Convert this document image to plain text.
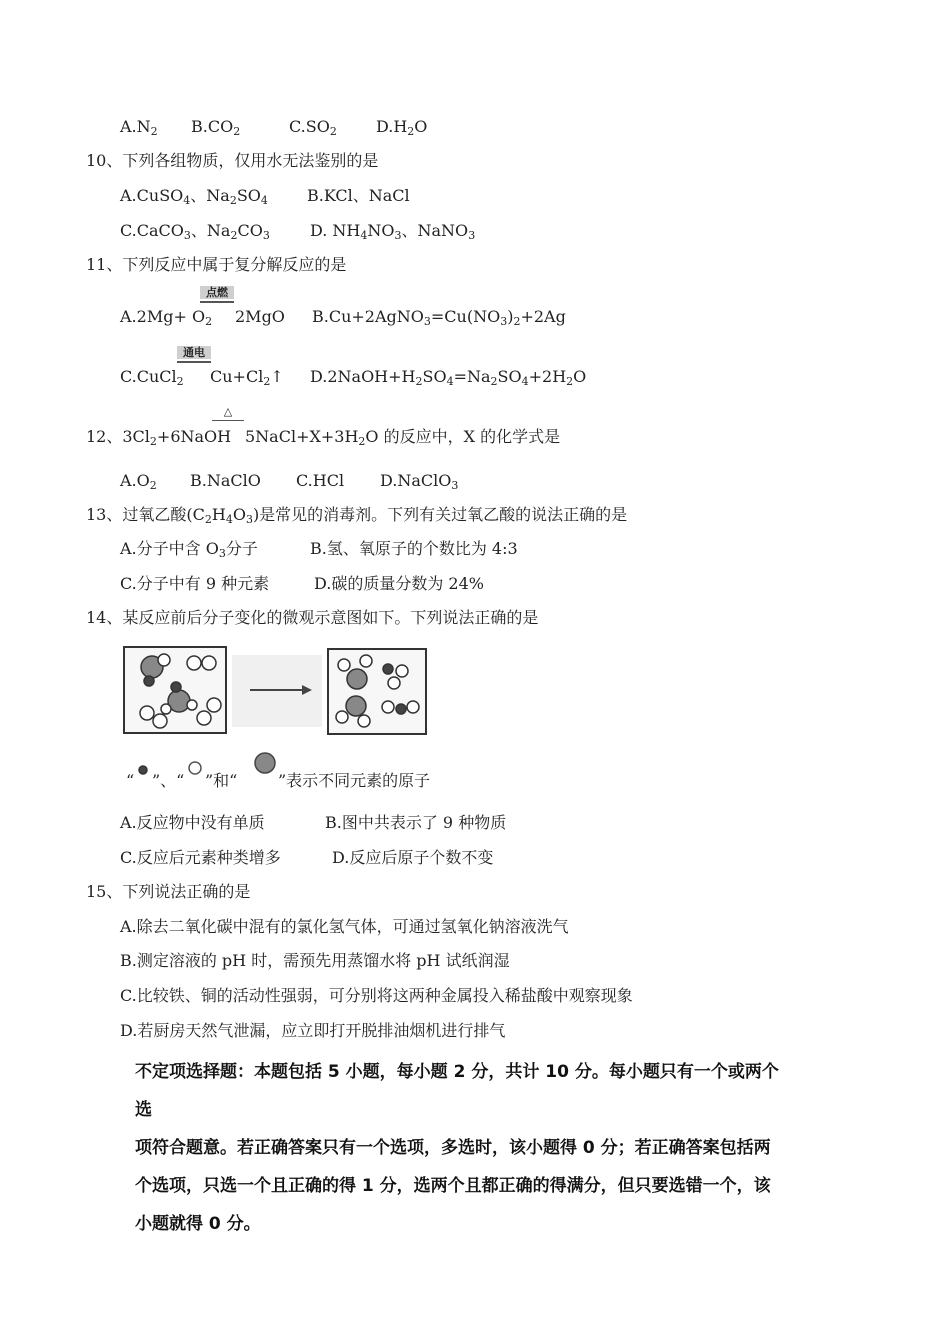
$A.N_2$ $B.CO_2$	$C.SO_2$ $D.H_2O$
10、下列各组物质，仅用水无法鉴别的是
A.CuSO$_4$、$Na_2SO_4$ B.KCl、NaCl
C.CaCO$_3$、$Na_2CO_3$	D. $NH_4NO_3$、NaNO$_3$
11、下列反应中属于复分解反应的是
$A.2Mg+ O_2$
点燃
2MgO $B.Cu+2AgNO_3=Cu(NO_3)_2+2Ag$
C.CuCl$_2$
通电
$Cu+Cl_2↑$ $D.2NaOH+H_2SO_4=Na_2SO_4+2H_2O$
12、$3Cl_2+6NaOH$
△
$5NaCl+X+3H_2O$ 的反应中，X 的化学式是
$A.O_2$ B.NaClO C.HCl D.NaClO$_3$
13、过氧乙酸$(C_2H_4O_3)$是常见的消毒剂。下列有关过氧乙酸的说法正确的是
A.分子中含 $O_3$分子	B.氢、氧原子的个数比为 4:3
C.分子中有 9 种元素	D.碳的质量分数为 24%
14、某反应前后分子变化的微观示意图如下。下列说法正确的是
“ ”、“ ”和“	”表示不同元素的原子
A.反应物中没有单质	B.图中共表示了 9 种物质
C.反应后元素种类增多	D.反应后原子个数不变
15、下列说法正确的是
A.除去二氧化碳中混有的氯化氢气体，可通过氢氧化钠溶液洗气
B.测定溶液的 pH 时，需预先用蒸馏水将 pH 试纸润湿
C.比较铁、铜的活动性强弱，可分别将这两种金属投入稀盐酸中观察现象
D.若厨房天然气泄漏，应立即打开脱排油烟机进行排气
不定项选择题：本题包括 5 小题，每小题 2 分，共计 10 分。每小题只有一个或两个选
项符合题意。若正确答案只有一个选项，多选时，该小题得 0 分；若正确答案包括两
个选项，只选一个且正确的得 1 分，选两个且都正确的得满分，但只要选错一个，该
小题就得 0 分。
